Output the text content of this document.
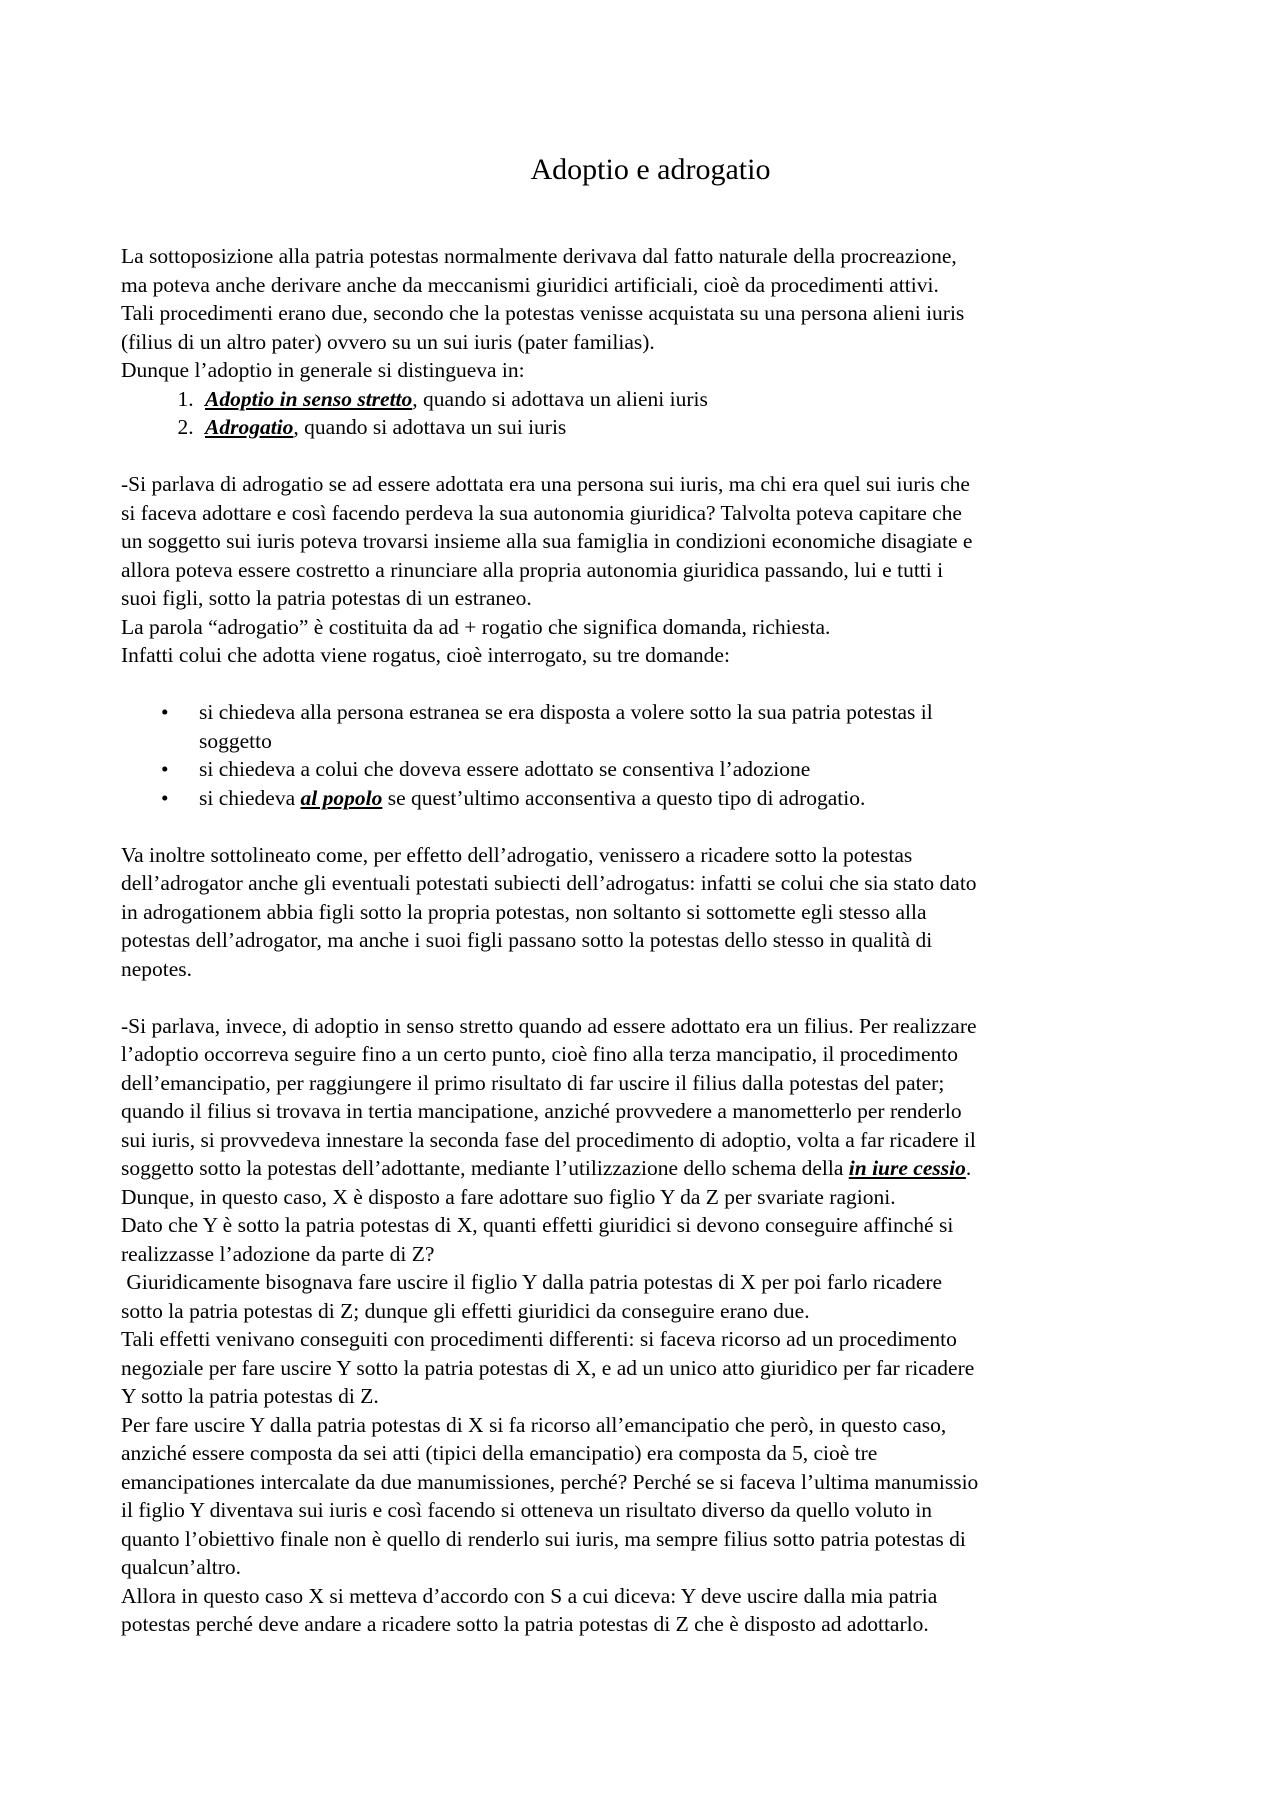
Adoptio e adrogatio
La sottoposizione alla patria potestas normalmente derivava dal fatto naturale della procreazione,
ma poteva anche derivare anche da meccanismi giuridici artificiali, cioè da procedimenti attivi.
Tali procedimenti erano due, secondo che la potestas venisse acquistata su una persona alieni iuris
(filius di un altro pater) ovvero su un sui iuris (pater familias).
Dunque l’adoptio in generale si distingueva in:
1. Adoptio in senso stretto, quando si adottava un alieni iuris
2. Adrogatio, quando si adottava un sui iuris
-Si parlava di adrogatio se ad essere adottata era una persona sui iuris, ma chi era quel sui iuris che
si faceva adottare e così facendo perdeva la sua autonomia giuridica? Talvolta poteva capitare che
un soggetto sui iuris poteva trovarsi insieme alla sua famiglia in condizioni economiche disagiate e
allora poteva essere costretto a rinunciare alla propria autonomia giuridica passando, lui e tutti i
suoi figli, sotto la patria potestas di un estraneo.
La parola “adrogatio” è costituita da ad + rogatio che significa domanda, richiesta.
Infatti colui che adotta viene rogatus, cioè interrogato, su tre domande:
• si chiedeva alla persona estranea se era disposta a volere sotto la sua patria potestas il
soggetto
• si chiedeva a colui che doveva essere adottato se consentiva l’adozione
• si chiedeva al popolo se quest’ultimo acconsentiva a questo tipo di adrogatio.
Va inoltre sottolineato come, per effetto dell’adrogatio, venissero a ricadere sotto la potestas
dell’adrogator anche gli eventuali potestati subiecti dell’adrogatus: infatti se colui che sia stato dato
in adrogationem abbia figli sotto la propria potestas, non soltanto si sottomette egli stesso alla
potestas dell’adrogator, ma anche i suoi figli passano sotto la potestas dello stesso in qualità di
nepotes.
-Si parlava, invece, di adoptio in senso stretto quando ad essere adottato era un filius. Per realizzare
l’adoptio occorreva seguire fino a un certo punto, cioè fino alla terza mancipatio, il procedimento
dell’emancipatio, per raggiungere il primo risultato di far uscire il filius dalla potestas del pater;
quando il filius si trovava in tertia mancipatione, anziché provvedere a manometterlo per renderlo
sui iuris, si provvedeva innestare la seconda fase del procedimento di adoptio, volta a far ricadere il
soggetto sotto la potestas dell’adottante, mediante l’utilizzazione dello schema della in iure cessio.
Dunque, in questo caso, X è disposto a fare adottare suo figlio Y da Z per svariate ragioni.
Dato che Y è sotto la patria potestas di X, quanti effetti giuridici si devono conseguire affinché si
realizzasse l’adozione da parte di Z?
Giuridicamente bisognava fare uscire il figlio Y dalla patria potestas di X per poi farlo ricadere
sotto la patria potestas di Z; dunque gli effetti giuridici da conseguire erano due.
Tali effetti venivano conseguiti con procedimenti differenti: si faceva ricorso ad un procedimento
negoziale per fare uscire Y sotto la patria potestas di X, e ad un unico atto giuridico per far ricadere
Y sotto la patria potestas di Z.
Per fare uscire Y dalla patria potestas di X si fa ricorso all’emancipatio che però, in questo caso,
anziché essere composta da sei atti (tipici della emancipatio) era composta da 5, cioè tre
emancipationes intercalate da due manumissiones, perché? Perché se si faceva l’ultima manumissio
il figlio Y diventava sui iuris e così facendo si otteneva un risultato diverso da quello voluto in
quanto l’obiettivo finale non è quello di renderlo sui iuris, ma sempre filius sotto patria potestas di
qualcun’altro.
Allora in questo caso X si metteva d’accordo con S a cui diceva: Y deve uscire dalla mia patria
potestas perché deve andare a ricadere sotto la patria potestas di Z che è disposto ad adottarlo.
